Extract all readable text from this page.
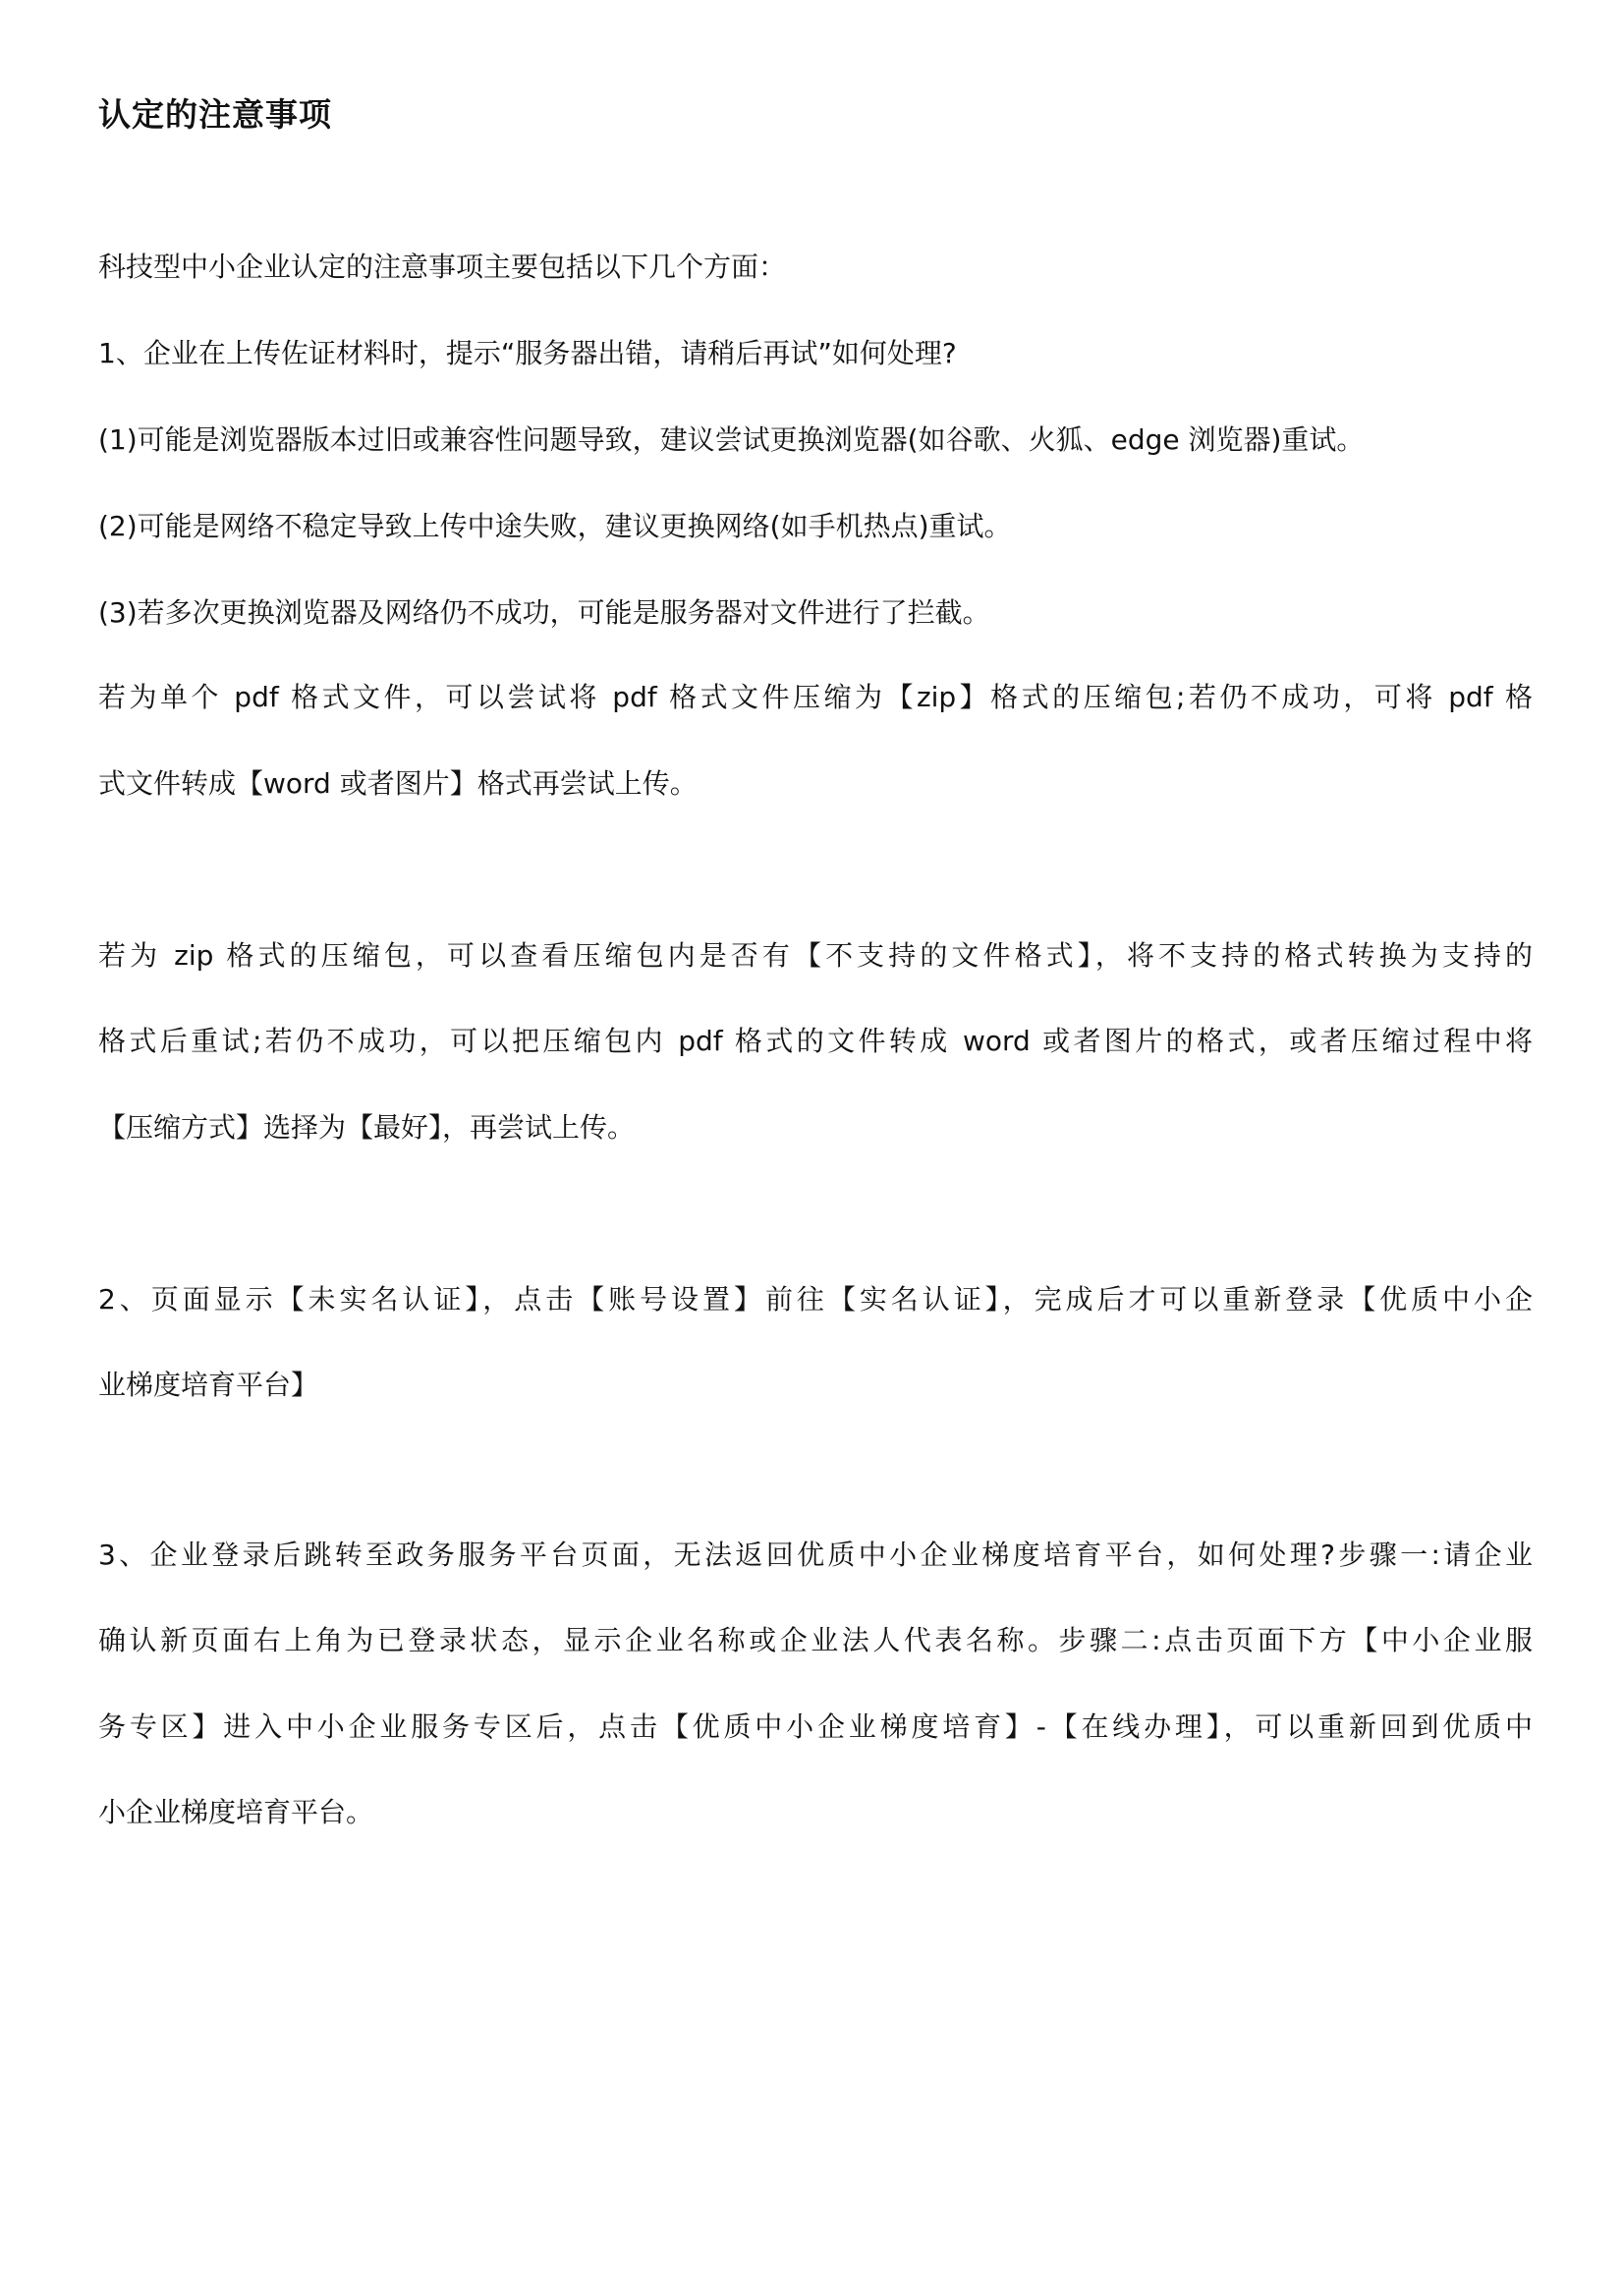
认定的注意事项

科技型中小企业认定的注意事项主要包括以下几个方面：

1、企业在上传佐证材料时，提示“服务器出错，请稍后再试”如何处理?

(1)可能是浏览器版本过旧或兼容性问题导致，建议尝试更换浏览器(如谷歌、火狐、edge 浏览器)重试。

(2)可能是网络不稳定导致上传中途失败，建议更换网络(如手机热点)重试。

(3)若多次更换浏览器及网络仍不成功，可能是服务器对文件进行了拦截。

若为单个 pdf 格式文件，可以尝试将 pdf 格式文件压缩为【zip】格式的压缩包;若仍不成功，可将 pdf 格

式文件转成【word 或者图片】格式再尝试上传。

若为 zip 格式的压缩包，可以查看压缩包内是否有【不支持的文件格式】，将不支持的格式转换为支持的

格式后重试;若仍不成功，可以把压缩包内 pdf 格式的文件转成 word 或者图片的格式，或者压缩过程中将

【压缩方式】选择为【最好】，再尝试上传。

2、页面显示【未实名认证】，点击【账号设置】前往【实名认证】，完成后才可以重新登录【优质中小企

业梯度培育平台】

3、企业登录后跳转至政务服务平台页面，无法返回优质中小企业梯度培育平台，如何处理?步骤一:请企业

确认新页面右上角为已登录状态，显示企业名称或企业法人代表名称。步骤二:点击页面下方【中小企业服

务专区】进入中小企业服务专区后，点击【优质中小企业梯度培育】-【在线办理】，可以重新回到优质中

小企业梯度培育平台。
